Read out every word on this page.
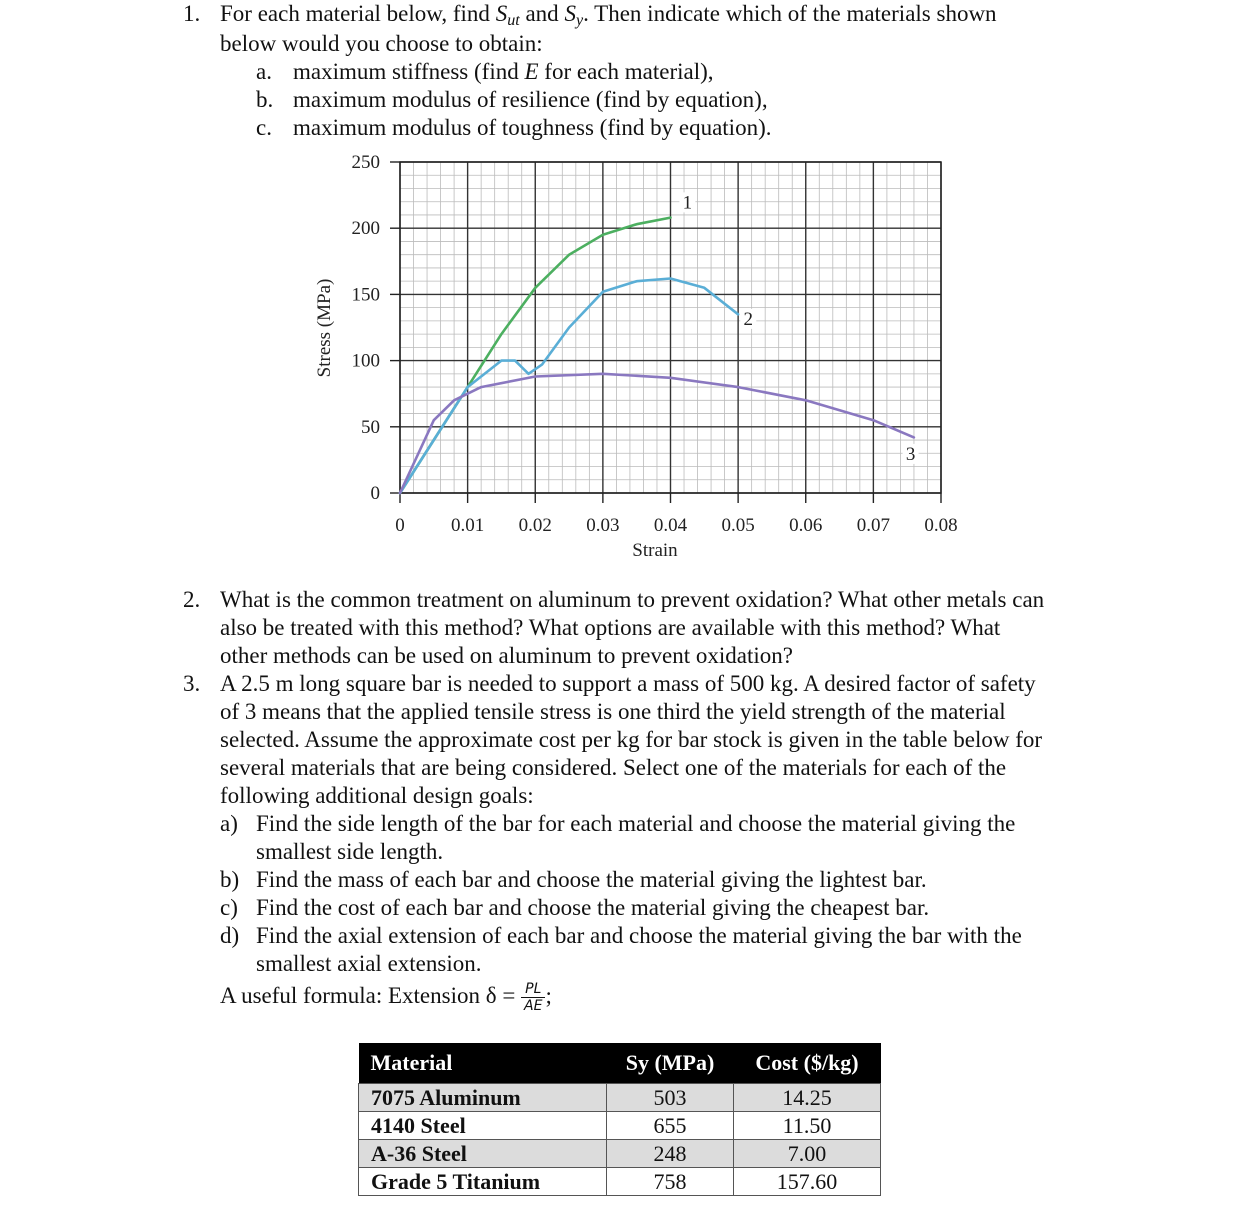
1. For each material below, find $S_{ut}$ and $S_y$. Then indicate which of the materials shown
below would you choose to obtain:
a. maximum stiffness (find E for each material),
b. maximum modulus of resilience (find by equation),
c. maximum modulus of toughness (find by equation).
0 0.01 0.02 0.03 0.04 0.05 0.06 0.07 0.08
0
50
100
150
200
250
1
2
3
Strain
Stress (MPa)
2. What is the common treatment on aluminum to prevent oxidation? What other metals can
also be treated with this method? What options are available with this method? What
other methods can be used on aluminum to prevent oxidation?
3. A 2.5 m long square bar is needed to support a mass of 500 kg. A desired factor of safety
of 3 means that the applied tensile stress is one third the yield strength of the material
selected. Assume the approximate cost per kg for bar stock is given in the table below for
several materials that are being considered. Select one of the materials for each of the
following additional design goals:
a) Find the side length of the bar for each material and choose the material giving the
smallest side length.
b) Find the mass of each bar and choose the material giving the lightest bar.
c) Find the cost of each bar and choose the material giving the cheapest bar.
d) Find the axial extension of each bar and choose the material giving the bar with the
smallest axial extension.
A useful formula: Extension $\delta = \frac{PL}{AE}$ ;
Material	Sy (MPa)	Cost ($/kg)
7075 Aluminum	503	14.25
4140 Steel	655	11.50
A-36 Steel	248	7.00
Grade 5 Titanium	758	157.60
